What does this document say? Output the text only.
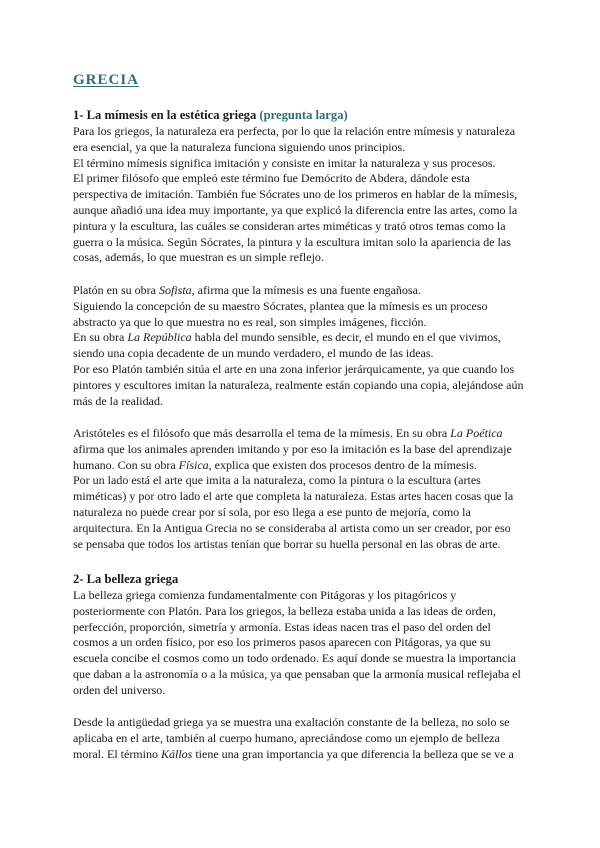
GRECIA

1- La mímesis en la estética griega (pregunta larga)

Para los griegos, la naturaleza era perfecta, por lo que la relación entre mímesis y naturaleza
era esencial, ya que la naturaleza funciona siguiendo unos principios.
El término mímesis significa imitación y consiste en imitar la naturaleza y sus procesos.
El primer filósofo que empleó este término fue Demócrito de Abdera, dándole esta
perspectiva de imitación. También fue Sócrates uno de los primeros en hablar de la mímesis,
aunque añadió una idea muy importante, ya que explicó la diferencia entre las artes, como la
pintura y la escultura, las cuáles se consideran artes miméticas y trató otros temas como la
guerra o la música. Según Sócrates, la pintura y la escultura imitan solo la apariencia de las
cosas, además, lo que muestran es un simple reflejo.
Platón en su obra Sofista, afirma que la mímesis es una fuente engañosa.
Siguiendo la concepción de su maestro Sócrates, plantea que la mímesis es un proceso
abstracto ya que lo que muestra no es real, son simples imágenes, ficción.
En su obra La República habla del mundo sensible, es decir, el mundo en el que vivimos,
siendo una copia decadente de un mundo verdadero, el mundo de las ideas.
Por eso Platón también sitúa el arte en una zona inferior jerárquicamente, ya que cuando los
pintores y escultores imitan la naturaleza, realmente están copiando una copia, alejándose aún
más de la realidad.
Aristóteles es el filósofo que más desarrolla el tema de la mímesis. En su obra La Poética
afirma que los animales aprenden imitando y por eso la imitación es la base del aprendizaje
humano. Con su obra Física, explica que existen dos procesos dentro de la mímesis.
Por un lado está el arte que imita a la naturaleza, como la pintura o la escultura (artes
miméticas) y por otro lado el arte que completa la naturaleza. Estas artes hacen cosas que la
naturaleza no puede crear por sí sola, por eso llega a ese punto de mejoría, como la
arquitectura. En la Antigua Grecia no se consideraba al artista como un ser creador, por eso
se pensaba que todos los artistas tenían que borrar su huella personal en las obras de arte.

2- La belleza griega

La belleza griega comienza fundamentalmente con Pitágoras y los pitagóricos y
posteriormente con Platón. Para los griegos, la belleza estaba unida a las ideas de orden,
perfección, proporción, simetría y armonía. Estas ideas nacen tras el paso del orden del
cosmos a un orden físico, por eso los primeros pasos aparecen con Pitágoras, ya que su
escuela concibe el cosmos como un todo ordenado. Es aquí donde se muestra la importancia
que daban a la astronomía o a la música, ya que pensaban que la armonía musical reflejaba el
orden del universo.
Desde la antigüedad griega ya se muestra una exaltación constante de la belleza, no solo se
aplicaba en el arte, también al cuerpo humano, apreciándose como un ejemplo de belleza
moral. El término Kállos tiene una gran importancia ya que diferencia la belleza que se ve a
